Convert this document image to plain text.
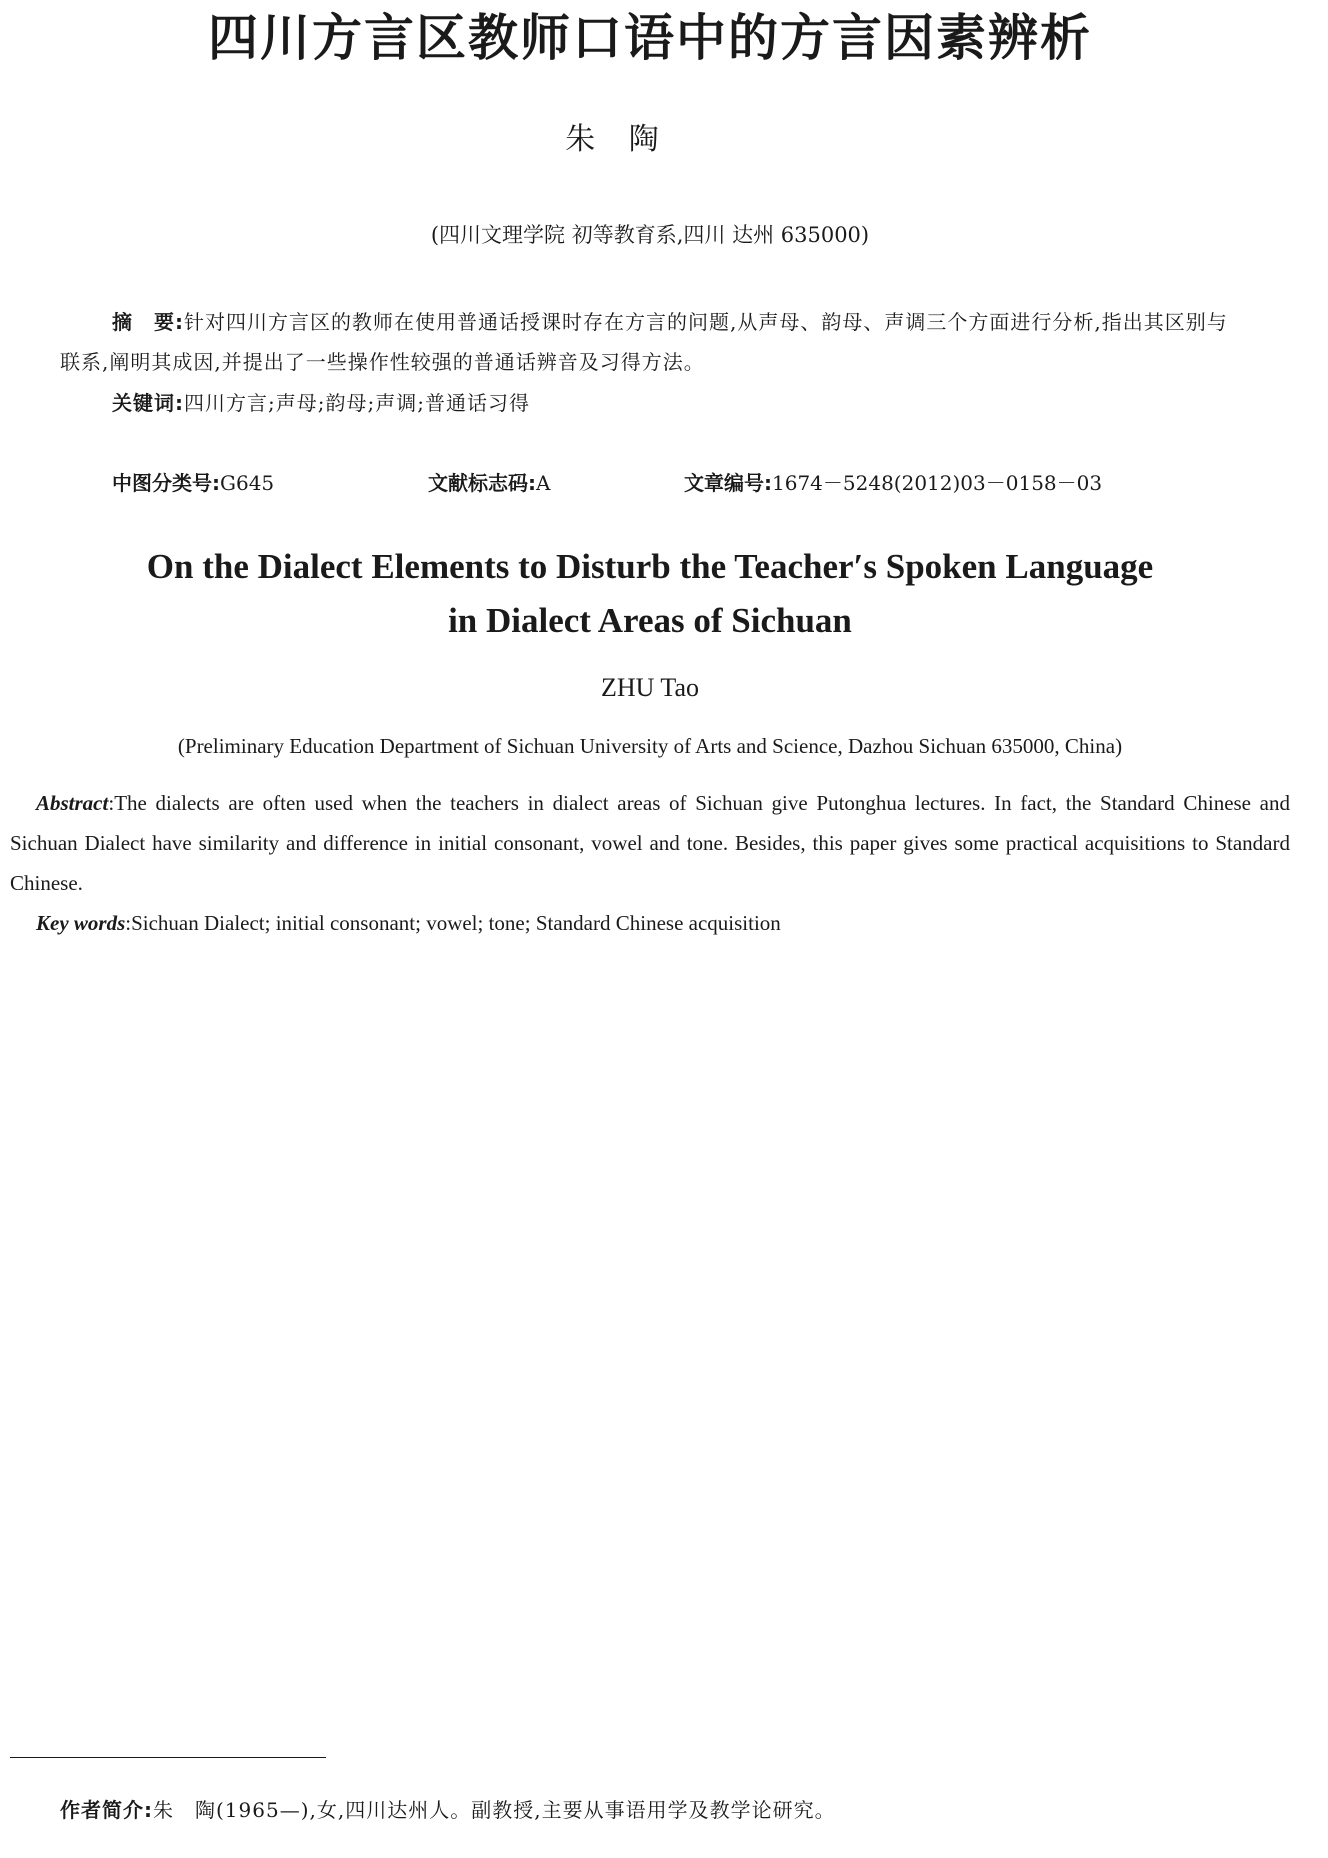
四川方言区教师口语中的方言因素辨析
朱 陶
(四川文理学院 初等教育系,四川 达州 635000)
摘　要:针对四川方言区的教师在使用普通话授课时存在方言的问题,从声母、韵母、声调三个方面进行分析,指出其区别与联系,阐明其成因,并提出了一些操作性较强的普通话辨音及习得方法。
关键词:四川方言;声母;韵母;声调;普通话习得
中图分类号:G645	文献标志码:A	文章编号:1674－5248(2012)03－0158－03
On the Dialect Elements to Disturb the Teacher′s Spoken Language
in Dialect Areas of Sichuan
ZHU Tao
(Preliminary Education Department of Sichuan University of Arts and Science, Dazhou Sichuan 635000, China)
Abstract:The dialects are often used when the teachers in dialect areas of Sichuan give Putonghua lectures. In fact, the Standard Chinese and Sichuan Dialect have similarity and difference in initial consonant, vowel and tone. Besides, this paper gives some practical acquisitions to Standard Chinese.
Key words:Sichuan Dialect; initial consonant; vowel; tone; Standard Chinese acquisition
作者简介:朱　陶(1965—),女,四川达州人。副教授,主要从事语用学及教学论研究。
